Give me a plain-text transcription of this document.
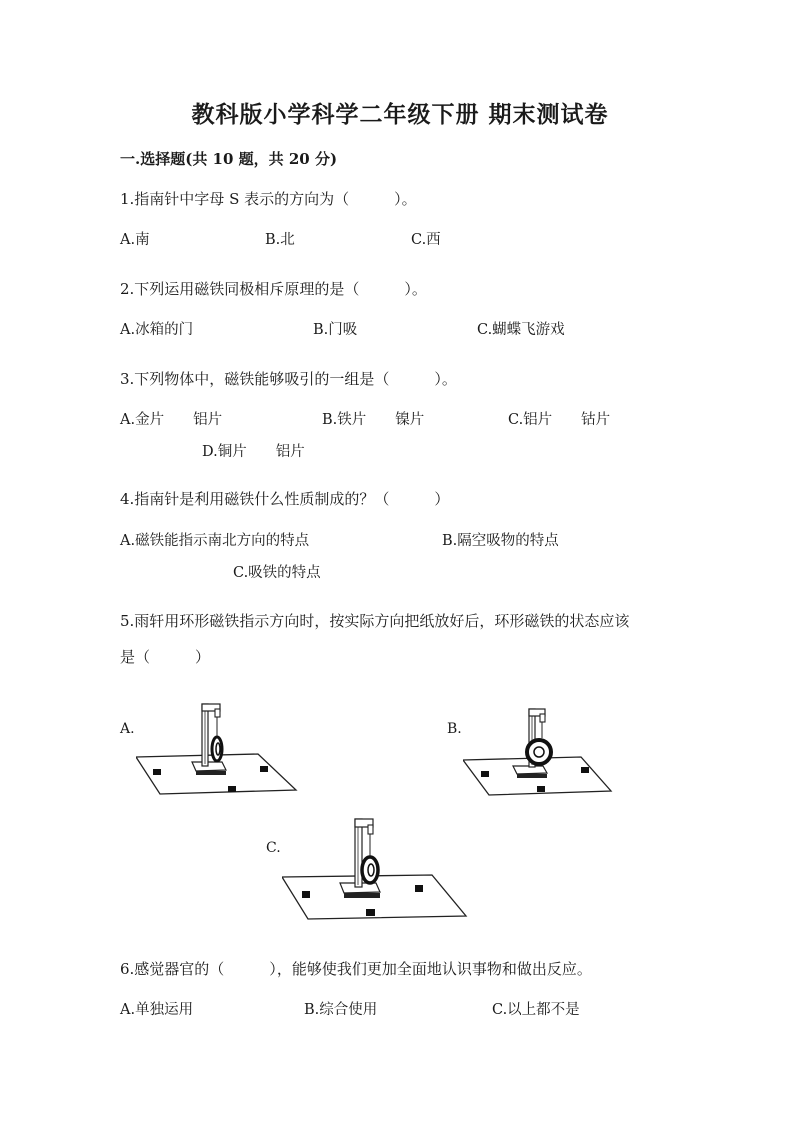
教科版小学科学二年级下册 期末测试卷
一.选择题(共 10 题，共 20 分)
1.指南针中字母 S 表示的方向为（　　　）。
A.南	B.北	C.西
2.下列运用磁铁同极相斥原理的是（　　　）。
A.冰箱的门	B.门吸	C.蝴蝶飞游戏
3.下列物体中，磁铁能够吸引的一组是（　　　）。
A.金片　　铝片	B.铁片　　镍片	C.铝片　　钴片
D.铜片　　铝片
4.指南针是利用磁铁什么性质制成的？（　　　）
A.磁铁能指示南北方向的特点	B.隔空吸物的特点
C.吸铁的特点
5.雨轩用环形磁铁指示方向时，按实际方向把纸放好后，环形磁铁的状态应该
是（　　　）
A.	B.
C.
6.感觉器官的（　　　），能够使我们更加全面地认识事物和做出反应。
A.单独运用	B.综合使用	C.以上都不是
